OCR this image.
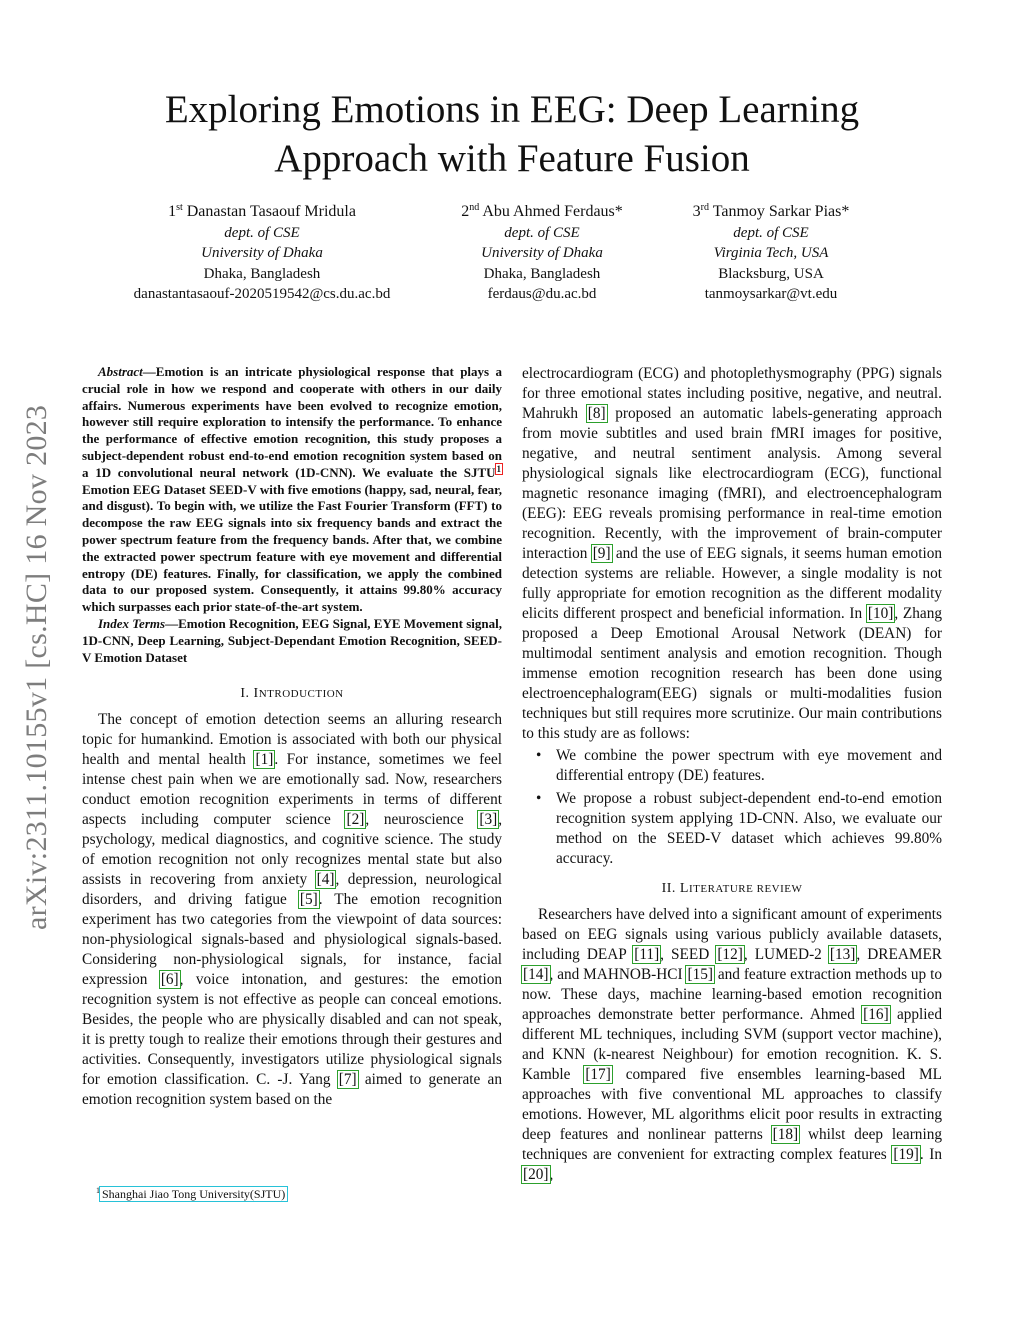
Exploring Emotions in EEG: Deep Learning
Approach with Feature Fusion
1st Danastan Tasaouf Mridula
dept. of CSE
University of Dhaka
Dhaka, Bangladesh
danastantasaouf-2020519542@cs.du.ac.bd
2nd Abu Ahmed Ferdaus*
dept. of CSE
University of Dhaka
Dhaka, Bangladesh
ferdaus@du.ac.bd
3rd Tanmoy Sarkar Pias*
dept. of CSE
Virginia Tech, USA
Blacksburg, USA
tanmoysarkar@vt.edu
arXiv:2311.10155v1 [cs.HC] 16 Nov 2023

Abstract—Emotion is an intricate physiological response that plays a crucial role in how we respond and cooperate with others in our daily affairs. Numerous experiments have been evolved to recognize emotion, however still require exploration to intensify the performance. To enhance the performance of effective emotion recognition, this study proposes a subject-dependent robust end-to-end emotion recognition system based on a 1D convolutional neural network (1D-CNN). We evaluate the SJTU$^1$ Emotion EEG Dataset SEED-V with five emotions (happy, sad, neural, fear, and disgust). To begin with, we utilize the Fast Fourier Transform (FFT) to decompose the raw EEG signals into six frequency bands and extract the power spectrum feature from the frequency bands. After that, we combine the extracted power spectrum feature with eye movement and differential entropy (DE) features. Finally, for classification, we apply the combined data to our proposed system. Consequently, it attains 99.80% accuracy which surpasses each prior state-of-the-art system.

Index Terms—Emotion Recognition, EEG Signal, EYE Movement signal, 1D-CNN, Deep Learning, Subject-Dependant Emotion Recognition, SEED-V Emotion Dataset

I. INTRODUCTION

The concept of emotion detection seems an alluring research topic for humankind. Emotion is associated with both our physical health and mental health [1]. For instance, sometimes we feel intense chest pain when we are emotionally sad. Now, researchers conduct emotion recognition experiments in terms of different aspects including computer science [2], neuroscience [3], psychology, medical diagnostics, and cognitive science. The study of emotion recognition not only recognizes mental state but also assists in recovering from anxiety [4], depression, neurological disorders, and driving fatigue [5]. The emotion recognition experiment has two categories from the viewpoint of data sources: non-physiological signals-based and physiological signals-based. Considering non-physiological signals, for instance, facial expression [6], voice intonation, and gestures: the emotion recognition system is not effective as people can conceal emotions. Besides, the people who are physically disabled and can not speak, it is pretty tough to realize their emotions through their gestures and activities. Consequently, investigators utilize physiological signals for emotion classification. C. -J. Yang [7] aimed to generate an emotion recognition system based on the

electrocardiogram (ECG) and photoplethysmography (PPG) signals for three emotional states including positive, negative, and neutral. Mahrukh [8] proposed an automatic labels-generating approach from movie subtitles and used brain fMRI images for positive, negative, and neutral sentiment analysis. Among several physiological signals like electrocardiogram (ECG), functional magnetic resonance imaging (fMRI), and electroencephalogram (EEG): EEG reveals promising performance in real-time emotion recognition. Recently, with the improvement of brain-computer interaction [9] and the use of EEG signals, it seems human emotion detection systems are reliable. However, a single modality is not fully appropriate for emotion recognition as the different modality elicits different prospect and beneficial information. In [10], Zhang proposed a Deep Emotional Arousal Network (DEAN) for multimodal sentiment analysis and emotion recognition. Though immense emotion recognition research has been done using electroencephalogram(EEG) signals or multi-modalities fusion techniques but still requires more scrutinize. Our main contributions to this study are as follows:

• We combine the power spectrum with eye movement and differential entropy (DE) features.
• We propose a robust subject-dependent end-to-end emotion recognition system applying 1D-CNN. Also, we evaluate our method on the SEED-V dataset which achieves 99.80% accuracy.
II. LITERATURE REVIEW

Researchers have delved into a significant amount of experiments based on EEG signals using various publicly available datasets, including DEAP [11], SEED [12], LUMED-2 [13], DREAMER [14], and MAHNOB-HCI [15] and feature extraction methods up to now. These days, machine learning-based emotion recognition approaches demonstrate better performance. Ahmed [16] applied different ML techniques, including SVM (support vector machine), and KNN (k-nearest Neighbour) for emotion recognition. K. S. Kamble [17] compared five ensembles learning-based ML approaches with five conventional ML approaches to classify emotions. However, ML algorithms elicit poor results in extracting deep features and nonlinear patterns [18] whilst deep learning techniques are convenient for extracting complex features [19]. In [20],

$^1$ Shanghai Jiao Tong University(SJTU)
